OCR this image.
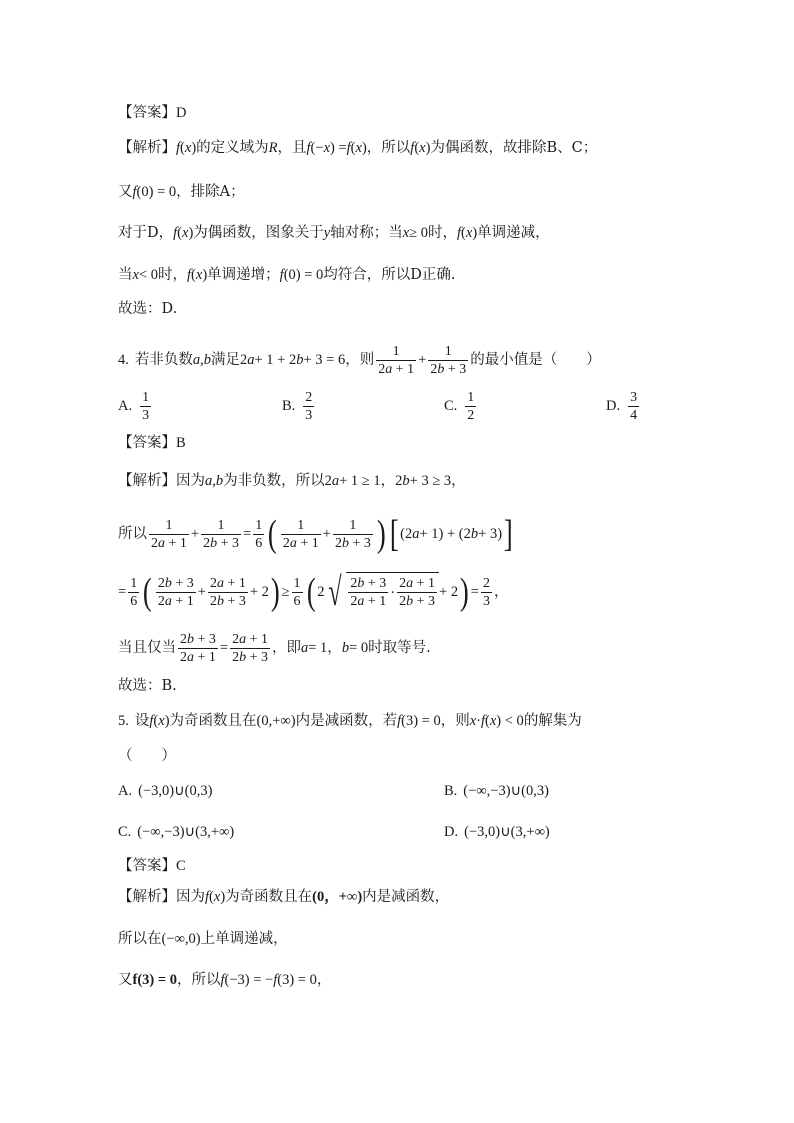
【答案】 D
【解析】 f ( x ) 的定义域为 R ，且 f (− x ) = f ( x ) ，所以 f ( x ) 为偶函数，故排除B、C；
又 f (0) = 0 ，排除A；
对于D， f ( x ) 为偶函数，图象关于 y 轴对称；当 x ≥ 0 时， f ( x ) 单调递减，
当 x < 0 时， f ( x ) 单调递增； f (0) = 0 均符合，所以D正确.
故选：D.
4. 若非负数 a , b 满足 2 a + 1 + 2 b + 3 = 6 ，则 $\frac{1}{2a + 1} + \frac{1}{2b + 3}$ 的最小值是（　　）
A. $\frac{1}{3}$	B. $\frac{2}{3}$	C. $\frac{1}{2}$	D. $\frac{3}{4}$
【答案】 B
【解析】 因为 a , b 为非负数，所以 2 a + 1 ≥ 1，2 b + 3 ≥ 3，
所以 $\frac{1}{2a + 1} + \frac{1}{2b + 3} = \frac{1}{6}$ ( $\frac{1}{2a + 1} + \frac{1}{2b + 3}$ ) [ (2 a + 1) + (2 b + 3) ]
= $\frac{1}{6}$ ( $\frac{2b + 3}{2a + 1} + \frac{2a + 1}{2b + 3} + 2$ ) ≥ $\frac{1}{6}$ ( 2 √ $\frac{2b + 3}{2a + 1} \cdot \frac{2a + 1}{2b + 3} + 2$ ) = $\frac{2}{3}$ ，
当且仅当 $\frac{2b + 3}{2a + 1} = \frac{2a + 1}{2b + 3}$ ，即 a = 1， b = 0 时取等号.
故选：B.
5. 设 f ( x ) 为奇函数且在 (0,+∞) 内是减函数，若 f (3) = 0 ，则 x · f ( x ) < 0 的解集为
（　　）
A. (−3,0)∪(0,3)	B. (−∞,−3)∪(0,3)
C. (−∞,−3)∪(3,+∞)	D. (−3,0)∪(3,+∞)
【答案】 C
【解析】 因为 f ( x ) 为奇函数且在 (0，+∞) 内是减函数，
所以在 (− ∞ ,0) 上单调递减，
又 f(3) = 0 ，所以 f (−3) = − f (3) = 0 ，
